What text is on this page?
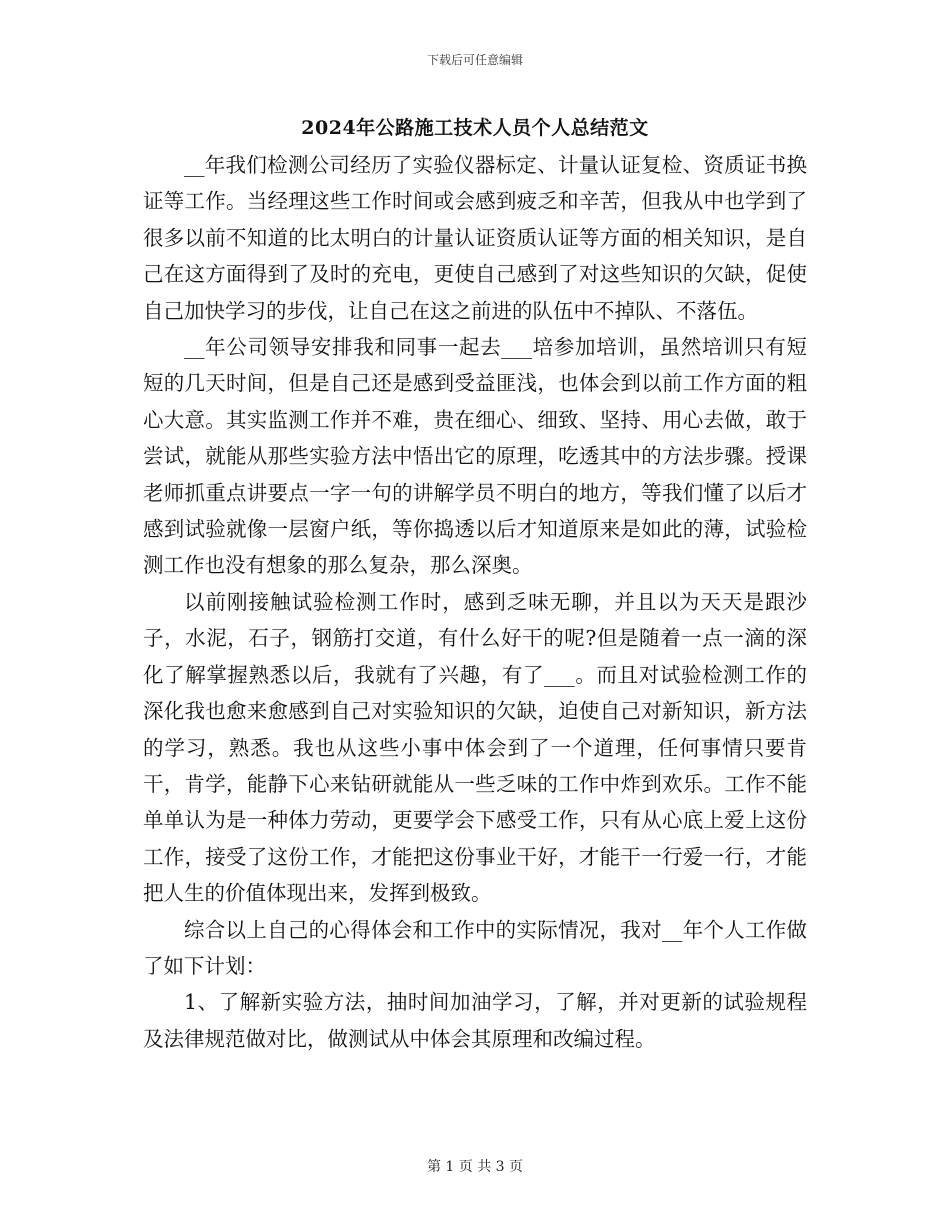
下载后可任意编辑
2024年公路施工技术人员个人总结范文

__年我们检测公司经历了实验仪器标定、计量认证复检、资质证书换证等工作。当经理这些工作时间或会感到疲乏和辛苦，但我从中也学到了很多以前不知道的比太明白的计量认证资质认证等方面的相关知识，是自己在这方面得到了及时的充电，更使自己感到了对这些知识的欠缺，促使自己加快学习的步伐，让自己在这之前进的队伍中不掉队、不落伍。

__年公司领导安排我和同事一起去___培参加培训，虽然培训只有短短的几天时间，但是自己还是感到受益匪浅，也体会到以前工作方面的粗心大意。其实监测工作并不难，贵在细心、细致、坚持、用心去做，敢于尝试，就能从那些实验方法中悟出它的原理，吃透其中的方法步骤。授课老师抓重点讲要点一字一句的讲解学员不明白的地方，等我们懂了以后才感到试验就像一层窗户纸，等你捣透以后才知道原来是如此的薄，试验检测工作也没有想象的那么复杂，那么深奥。

以前刚接触试验检测工作时，感到乏味无聊，并且以为天天是跟沙子，水泥，石子，钢筋打交道，有什么好干的呢?但是随着一点一滴的深化了解掌握熟悉以后，我就有了兴趣，有了___。而且对试验检测工作的深化我也愈来愈感到自己对实验知识的欠缺，迫使自己对新知识，新方法的学习，熟悉。我也从这些小事中体会到了一个道理，任何事情只要肯干，肯学，能静下心来钻研就能从一些乏味的工作中炸到欢乐。工作不能单单认为是一种体力劳动，更要学会下感受工作，只有从心底上爱上这份工作，接受了这份工作，才能把这份事业干好，才能干一行爱一行，才能把人生的价值体现出来，发挥到极致。

综合以上自己的心得体会和工作中的实际情况，我对__年个人工作做了如下计划：

1、了解新实验方法，抽时间加油学习，了解，并对更新的试验规程及法律规范做对比，做测试从中体会其原理和改编过程。

第 1 页 共 3 页
